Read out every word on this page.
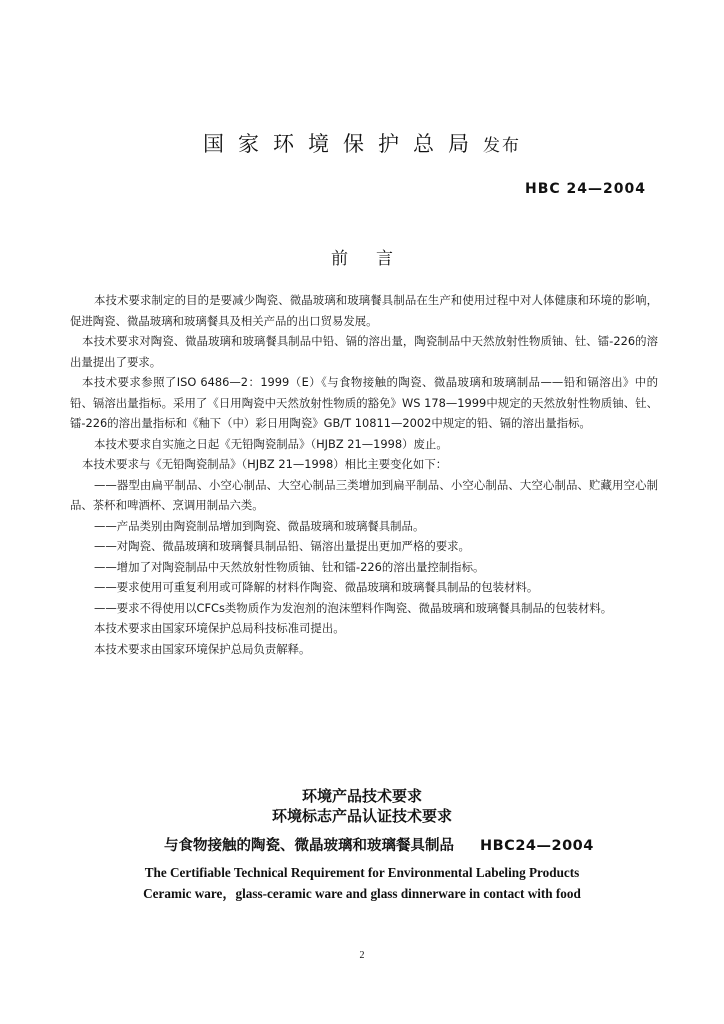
国家环境保护总局发布
HBC 24—2004
前言

本技术要求制定的目的是要减少陶瓷、微晶玻璃和玻璃餐具制品在生产和使用过程中对人体健康和环境的影响，促进陶瓷、微晶玻璃和玻璃餐具及相关产品的出口贸易发展。

本技术要求对陶瓷、微晶玻璃和玻璃餐具制品中铅、镉的溶出量，陶瓷制品中天然放射性物质铀、钍、镭-226的溶出量提出了要求。

本技术要求参照了ISO 6486—2：1999（E）《与食物接触的陶瓷、微晶玻璃和玻璃制品——铅和镉溶出》中的铅、镉溶出量指标。采用了《日用陶瓷中天然放射性物质的豁免》WS 178—1999中规定的天然放射性物质铀、钍、镭-226的溶出量指标和《釉下（中）彩日用陶瓷》GB/T 10811—2002中规定的铅、镉的溶出量指标。

本技术要求自实施之日起《无铅陶瓷制品》（HJBZ 21—1998）废止。

本技术要求与《无铅陶瓷制品》（HJBZ 21—1998）相比主要变化如下：

——器型由扁平制品、小空心制品、大空心制品三类增加到扁平制品、小空心制品、大空心制品、贮藏用空心制品、茶杯和啤酒杯、烹调用制品六类。

——产品类别由陶瓷制品增加到陶瓷、微晶玻璃和玻璃餐具制品。

——对陶瓷、微晶玻璃和玻璃餐具制品铅、镉溶出量提出更加严格的要求。

——增加了对陶瓷制品中天然放射性物质铀、钍和镭-226的溶出量控制指标。

——要求使用可重复利用或可降解的材料作陶瓷、微晶玻璃和玻璃餐具制品的包装材料。

——要求不得使用以CFCs类物质作为发泡剂的泡沫塑料作陶瓷、微晶玻璃和玻璃餐具制品的包装材料。

本技术要求由国家环境保护总局科技标准司提出。

本技术要求由国家环境保护总局负责解释。

环境产品技术要求
环境标志产品认证技术要求
与食物接触的陶瓷、微晶玻璃和玻璃餐具制品 HBC24—2004
The Certifiable Technical Requirement for Environmental Labeling Products
Ceramic ware，glass-ceramic ware and glass dinnerware in contact with food
2
